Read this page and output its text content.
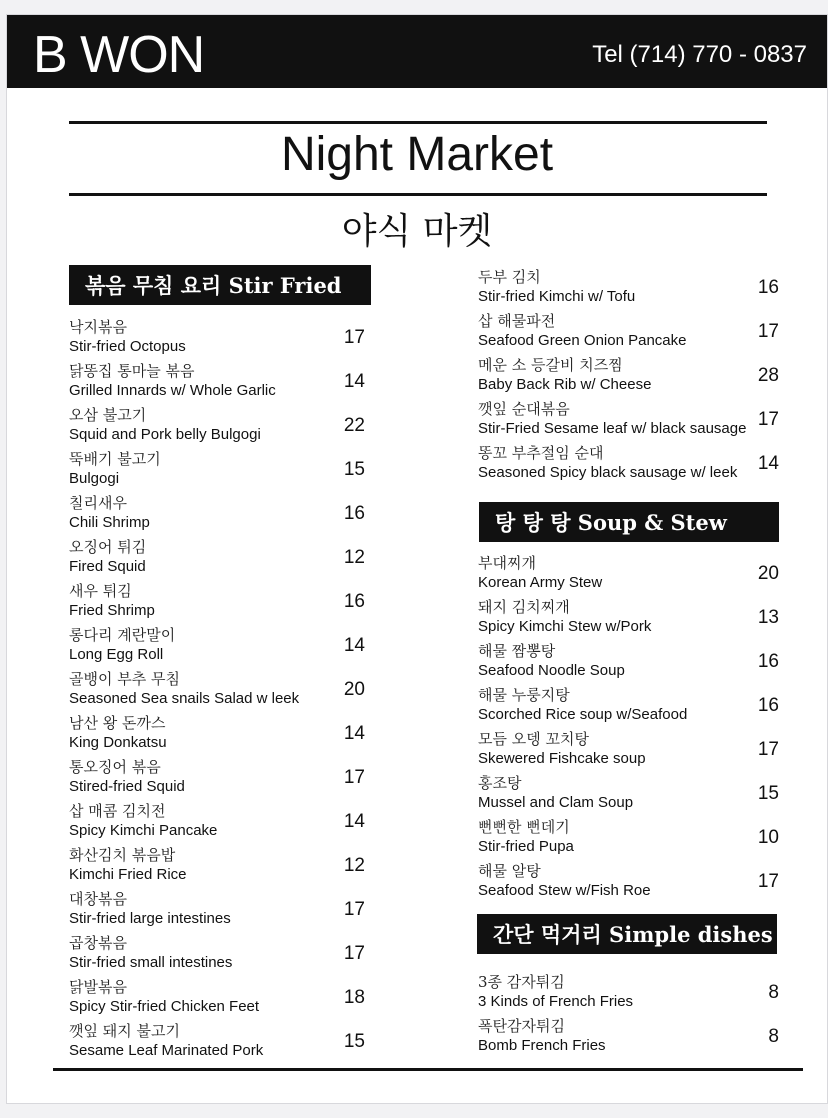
B WON	Tel (714) 770 - 0837
Night Market
야식 마켓
볶음 무침 요리 Stir Fried
낙지볶음
Stir-fried Octopus	17
닭똥집 통마늘 볶음
Grilled Innards w/ Whole Garlic	14
오삼 불고기
Squid and Pork belly Bulgogi	22
뚝배기 불고기
Bulgogi	15
칠리새우
Chili Shrimp	16
오징어 튀김
Fired Squid	12
새우 튀김
Fried Shrimp	16
롱다리 계란말이
Long Egg Roll	14
골뱅이 부추 무침
Seasoned Sea snails Salad w leek	20
남산 왕 돈까스
King Donkatsu	14
통오징어 볶음
Stired-fried Squid	17
삽 매콤 김치전
Spicy Kimchi Pancake	14
화산김치 볶음밥
Kimchi Fried Rice	12
대창볶음
Stir-fried large intestines	17
곱창볶음
Stir-fried small intestines	17
닭발볶음
Spicy Stir-fried Chicken Feet	18
깻잎 돼지 불고기
Sesame Leaf Marinated Pork	15
두부 김치
Stir-fried Kimchi w/ Tofu	16
삽 해물파전
Seafood Green Onion Pancake	17
메운 소 등갈비 치즈찜
Baby Back Rib w/ Cheese	28
깻잎 순대볶음
Stir-Fried Sesame leaf w/ black sausage 17
똥꼬 부추절임 순대
Seasoned Spicy black sausage w/ leek	14
탕 탕 탕 Soup & Stew
부대찌개
Korean Army Stew	20
돼지 김치찌개
Spicy Kimchi Stew w/Pork	13
해물 짬뽕탕
Seafood Noodle Soup	16
해물 누룽지탕
Scorched Rice soup w/Seafood	16
모듬 오뎅 꼬치탕
Skewered Fishcake soup	17
홍조탕
Mussel and Clam Soup	15
뻔뻔한 뻔데기
Stir-fried Pupa	10
해물 알탕
Seafood Stew w/Fish Roe	17
간단 먹거리 Simple dishes
3종 감자튀김
3 Kinds of French Fries	8
폭탄감자튀김
Bomb French Fries	8
